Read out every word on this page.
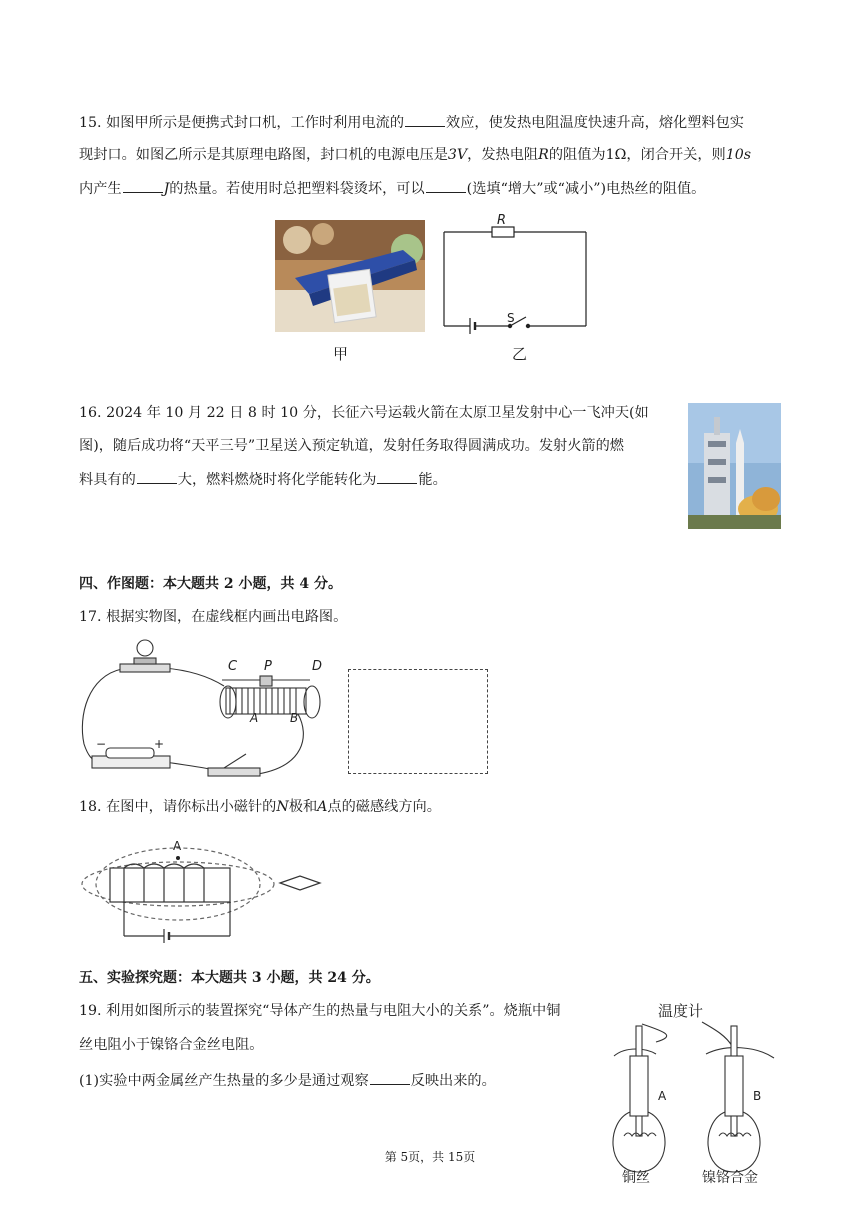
15. 如图甲所示是便携式封口机，工作时利用电流的	效应，使发热电阻温度快速升高，熔化塑料包实
现封口。如图乙所示是其原理电路图，封口机的电源电压是3V，发热电阻R的阻值为1Ω，闭合开关，则10s
内产生	J的热量。若使用时总把塑料袋烫坏，可以	(选填“增大”或“减小”)电热丝的阻值。
甲
R
S
乙
16. 2024 年 10 月 22 日 8 时 10 分，长征六号运载火箭在太原卫星发射中心一飞冲天(如
图)，随后成功将“天平三号”卫星送入预定轨道，发射任务取得圆满成功。发射火箭的燃
料具有的	大，燃料燃烧时将化学能转化为	能。
四、作图题：本大题共 2 小题，共 4 分。
17. 根据实物图，在虚线框内画出电路图。
C P	D
A	B
−	+
18. 在图中，请你标出小磁针的N极和A点的磁感线方向。
A
五、实验探究题：本大题共 3 小题，共 24 分。
19. 利用如图所示的装置探究“导体产生的热量与电阻大小的关系”。烧瓶中铜
丝电阻小于镍铬合金丝电阻。
(1)实验中两金属丝产生热量的多少是通过观察	反映出来的。
温度计
A	B
铜丝	镍铬合金
第 5页，共 15页
